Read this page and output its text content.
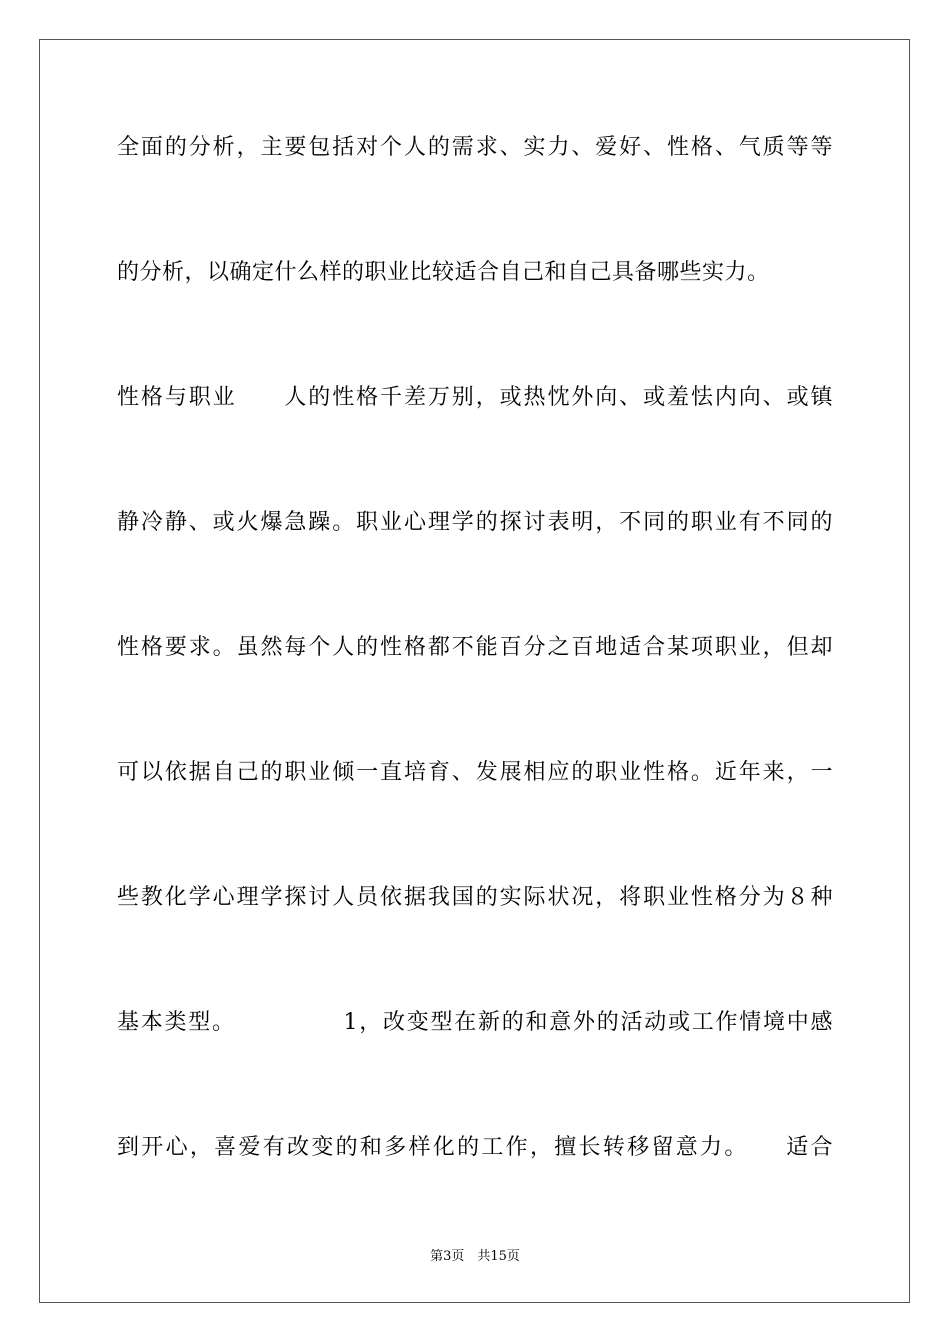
全面的分析，主要包括对个人的需求、实力、爱好、性格、气质等等
的分析，以确定什么样的职业比较适合自己和自己具备哪些实力。
性格与职业　　人的性格千差万别，或热忱外向、或羞怯内向、或镇
静冷静、或火爆急躁。职业心理学的探讨表明，不同的职业有不同的
性格要求。虽然每个人的性格都不能百分之百地适合某项职业，但却
可以依据自己的职业倾一直培育、发展相应的职业性格。近年来，一
些教化学心理学探讨人员依据我国的实际状况，将职业性格分为８种
基本类型。　　　　　1，改变型在新的和意外的活动或工作情境中感
到开心，喜爱有改变的和多样化的工作，擅长转移留意力。　　适合
第3页　共15页
